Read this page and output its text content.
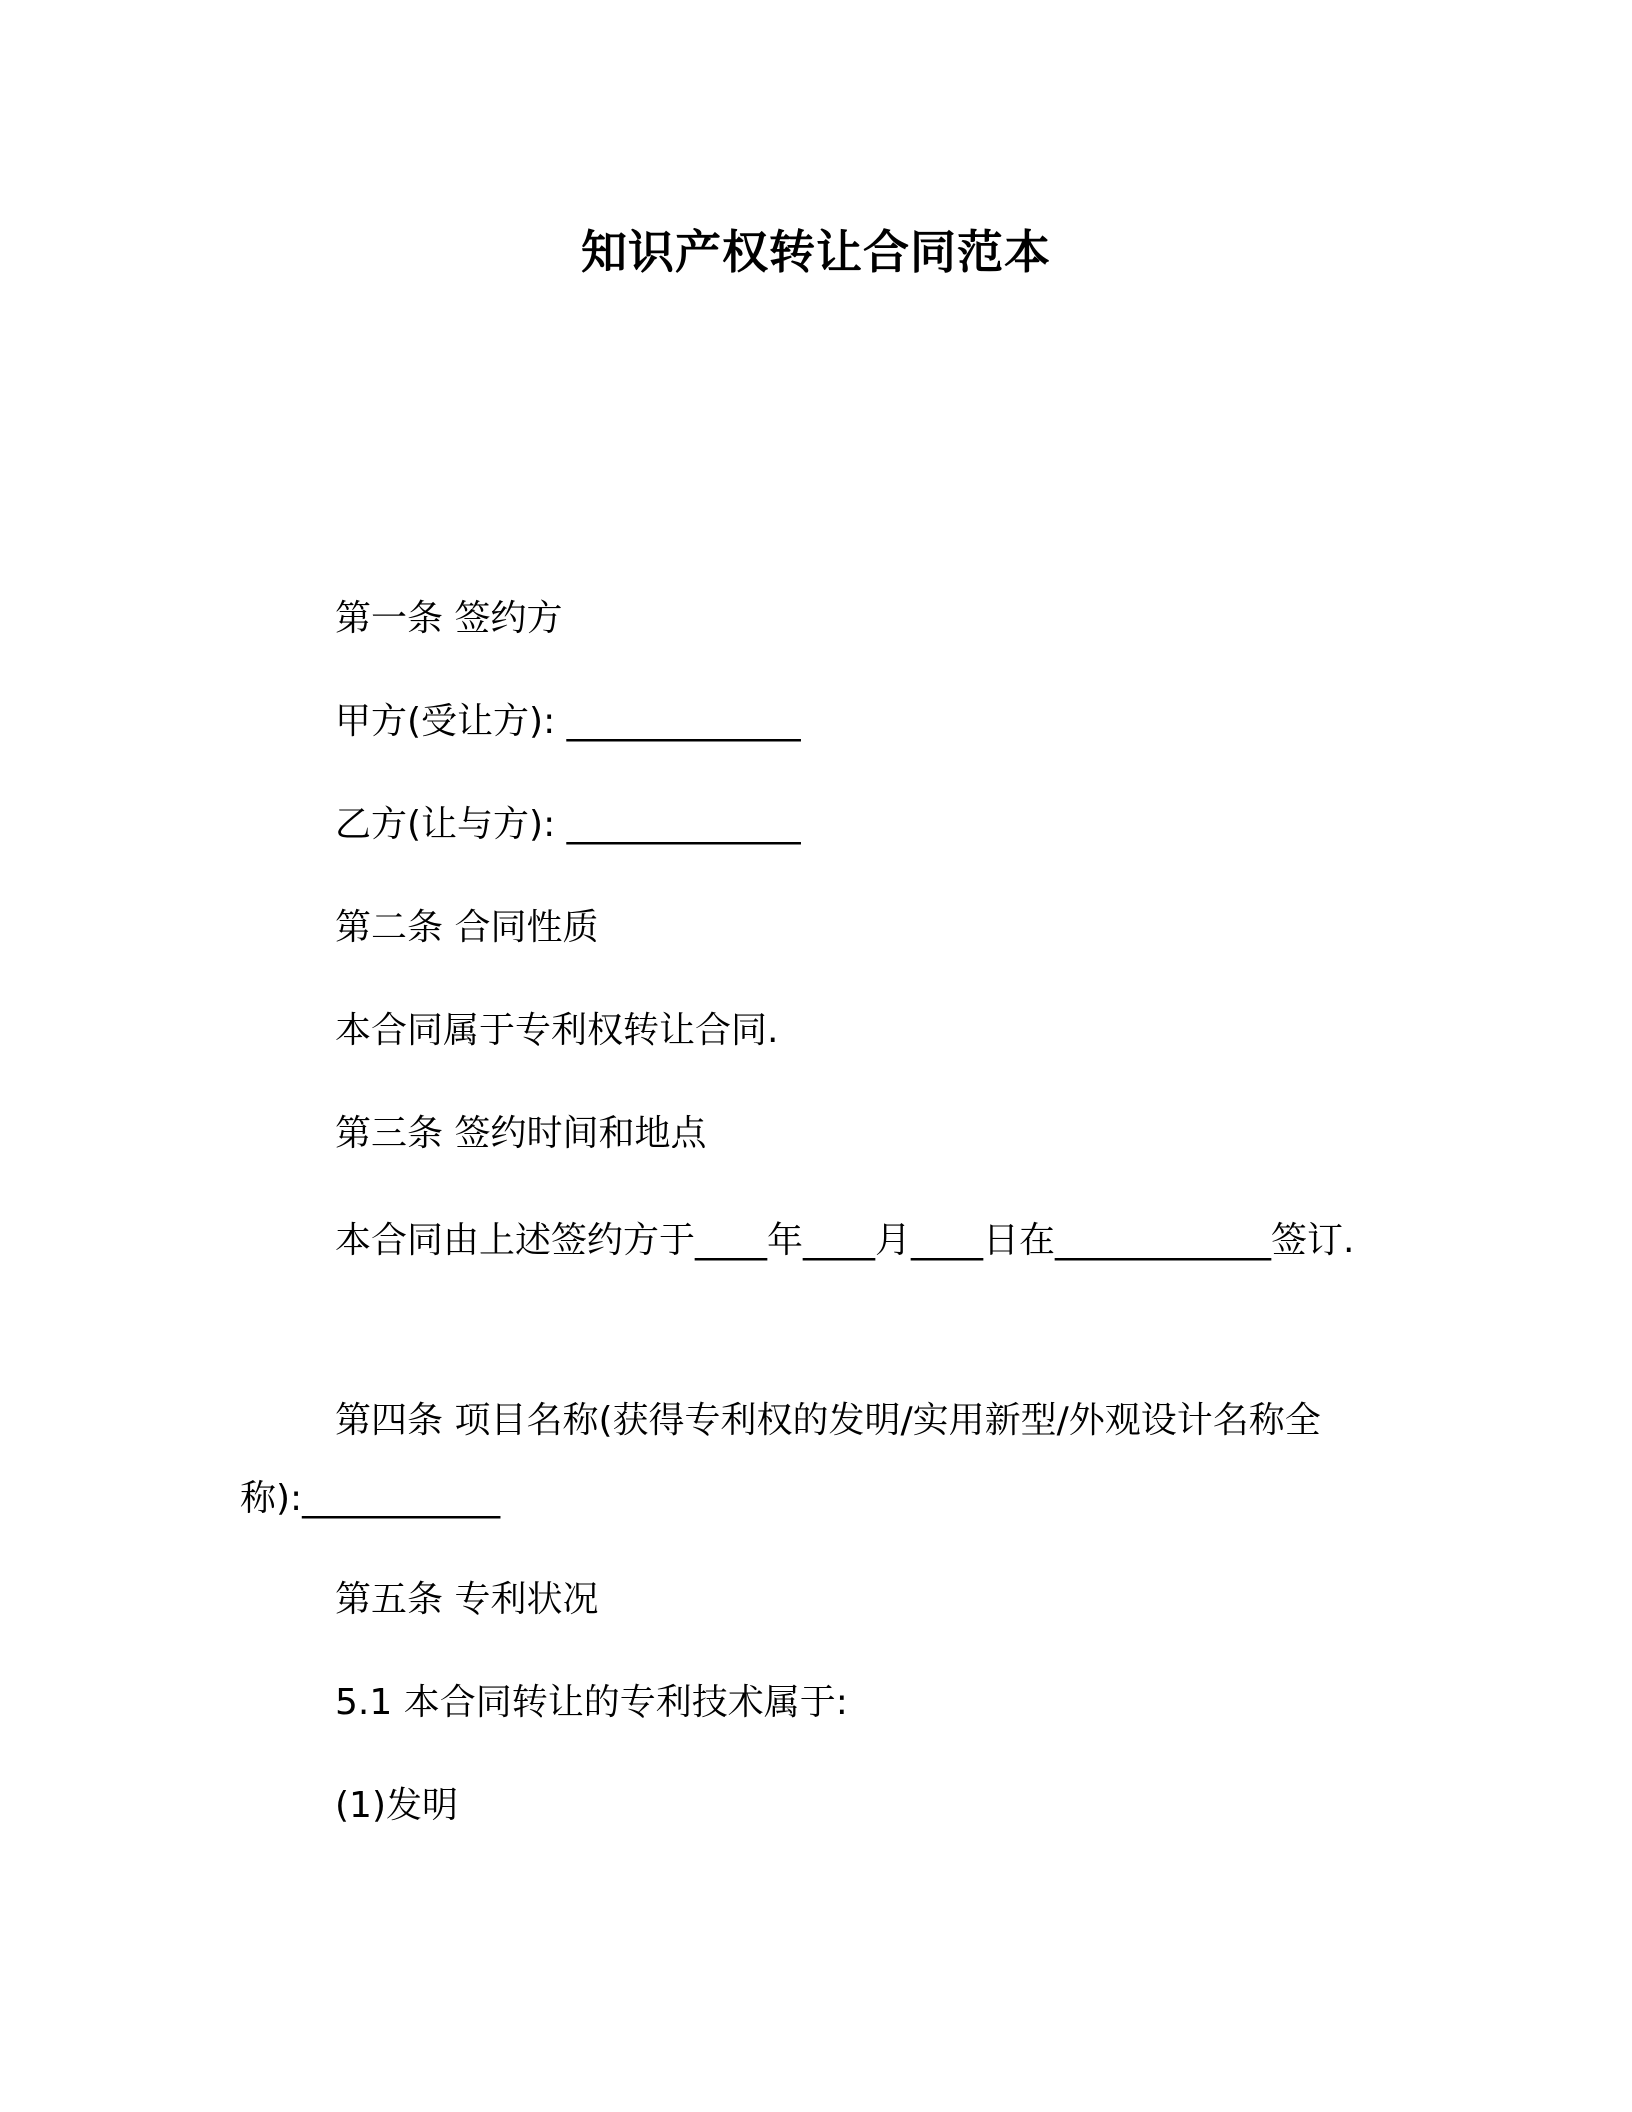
知识产权转让合同范本
第一条 签约方
甲方(受让方): _____________
乙方(让与方): _____________
第二条 合同性质
本合同属于专利权转让合同.
第三条 签约时间和地点
本合同由上述签约方于____年____月____日在____________签订.
第四条 项目名称(获得专利权的发明/实用新型/外观设计名称全称):___________
第五条 专利状况
5.1 本合同转让的专利技术属于:
(1)发明
